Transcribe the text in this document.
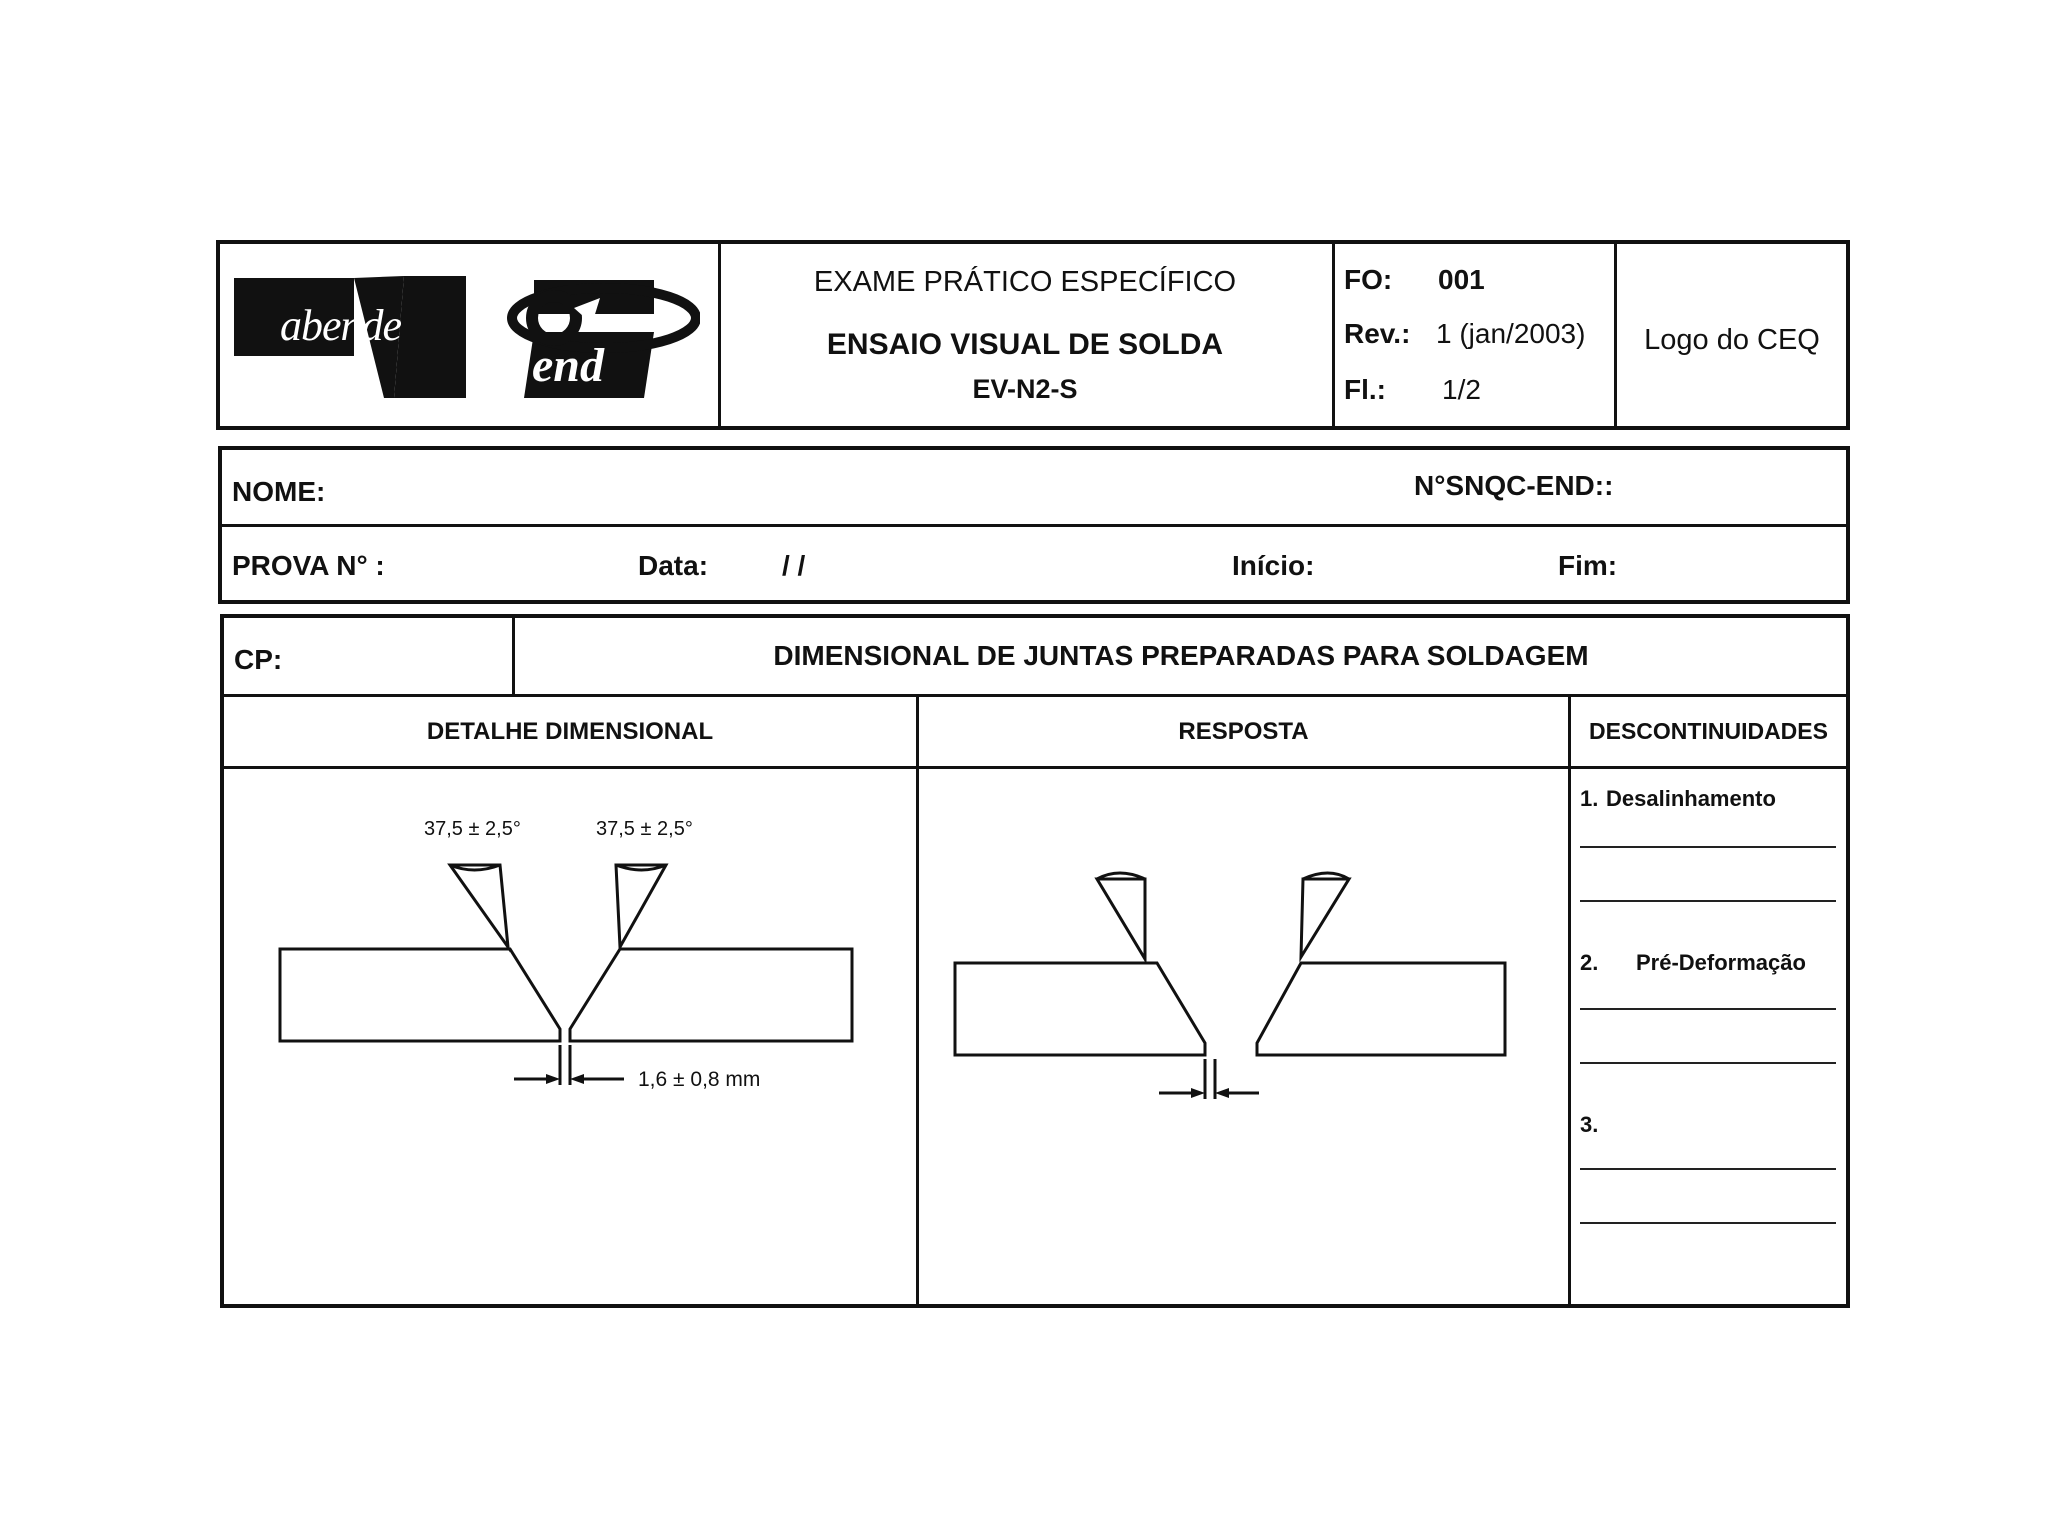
abende
end
EXAME PRÁTICO ESPECÍFICO
ENSAIO VISUAL DE SOLDA
EV-N2-S
FO: 001
Rev.: 1 (jan/2003)
Fl.: 1/2
Logo do CEQ
NOME:	N°SNQC-END::
PROVA N° :	Data:	/ /	Início:	Fim:
CP:	DIMENSIONAL DE JUNTAS PREPARADAS PARA SOLDAGEM
DETALHE DIMENSIONAL	RESPOSTA	DESCONTINUIDADES
37,5 ± 2,5°	37,5 ± 2,5°
1,6 ± 0,8 mm
1. Desalinhamento
2. Pré-Deformação
3.
